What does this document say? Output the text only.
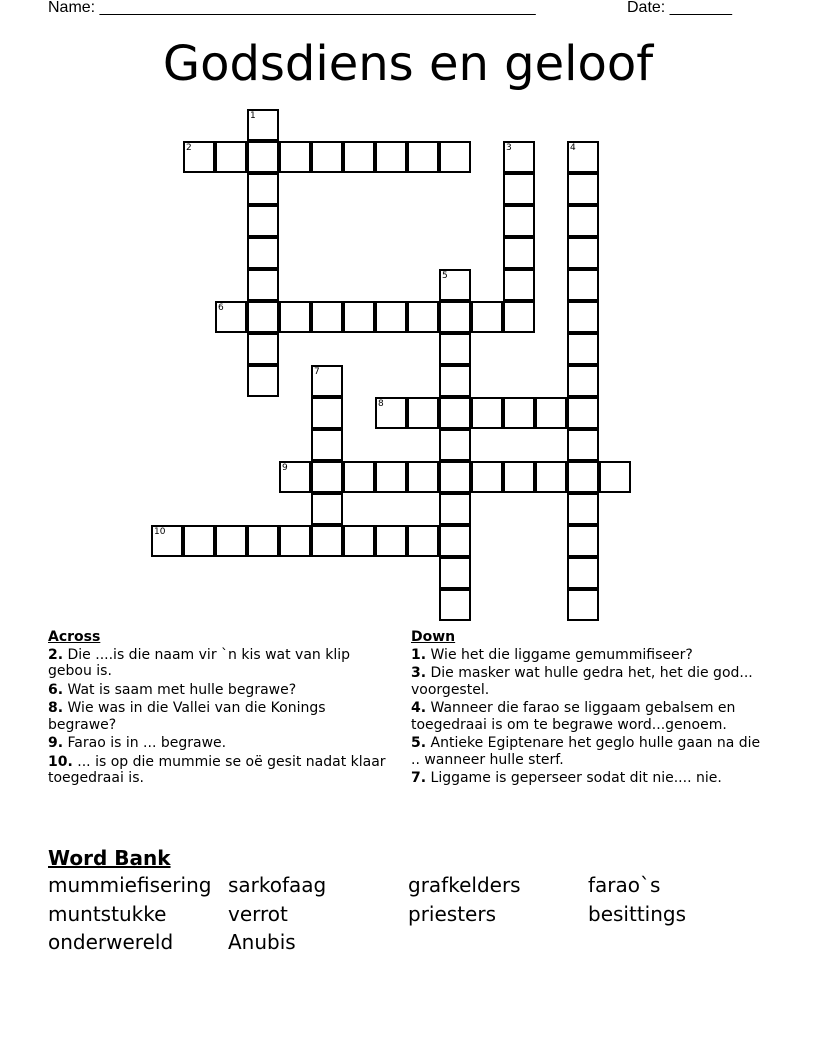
Name: _________________________________________________	Date: _______
Godsdiens en geloof
1
2	3	4
5
6
7
8
9
10
Across
2. Die ....is die naam vir `n kis wat van klip gebou is.
6. Wat is saam met hulle begrawe?
8. Wie was in die Vallei van die Konings begrawe?
9. Farao is in ... begrawe.
10. ... is op die mummie se oë gesit nadat klaar toegedraai is.
Down
1. Wie het die liggame gemummifiseer?
3. Die masker wat hulle gedra het, het die god... voorgestel.
4. Wanneer die farao se liggaam gebalsem en toegedraai is om te begrawe word...genoem.
5. Antieke Egiptenare het geglo hulle gaan na die .. wanneer hulle sterf.
7. Liggame is geperseer sodat dit nie.... nie.
Word Bank
mummiefisering sarkofaag	grafkelders	farao`s
muntstukke	verrot	priesters	besittings
onderwereld	Anubis
